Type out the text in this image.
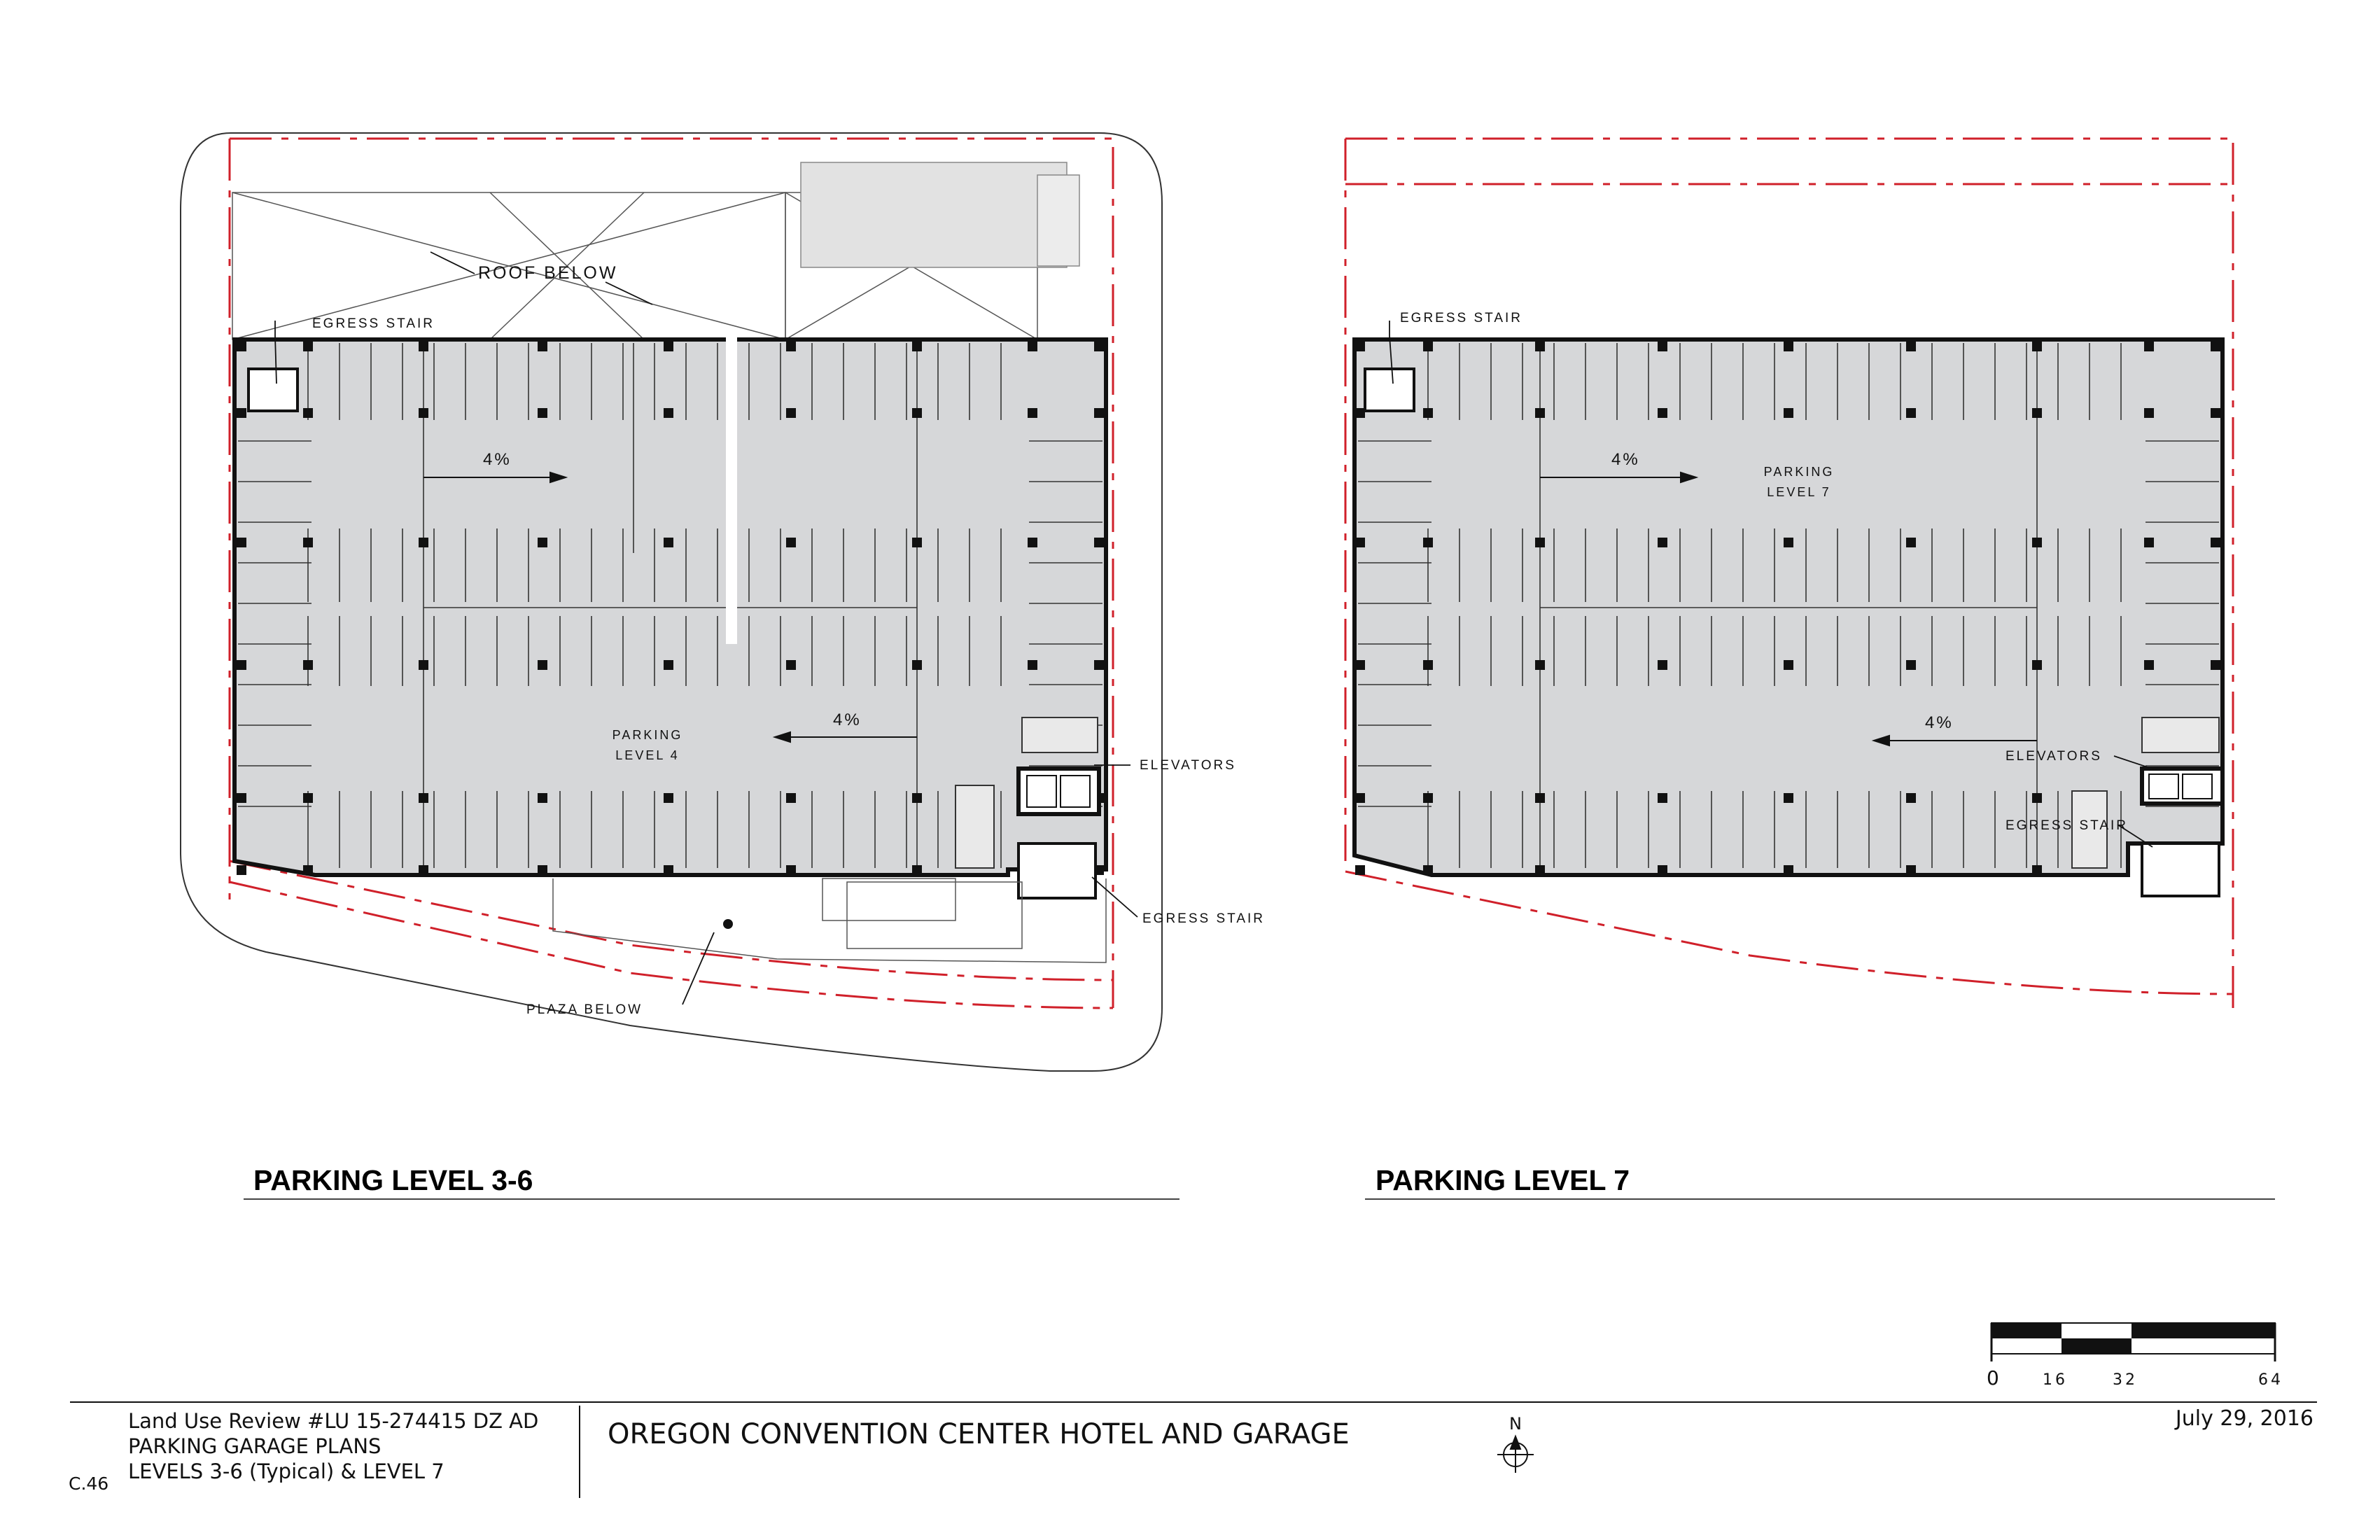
ROOF BELOW
EGRESS STAIR
4%
4%
PARKING
LEVEL 4
ELEVATORS
EGRESS STAIR
PLAZA BELOW
PARKING LEVEL 3-6
EGRESS STAIR
4%
4%
PARKING
LEVEL 7
ELEVATORS
EGRESS STAIR
PARKING LEVEL 7
0	16	32	64
Land Use Review #LU 15-274415 DZ AD
PARKING GARAGE PLANS
LEVELS 3-6 (Typical) & LEVEL 7
C.46
OREGON CONVENTION CENTER HOTEL AND GARAGE	July 29, 2016
N
